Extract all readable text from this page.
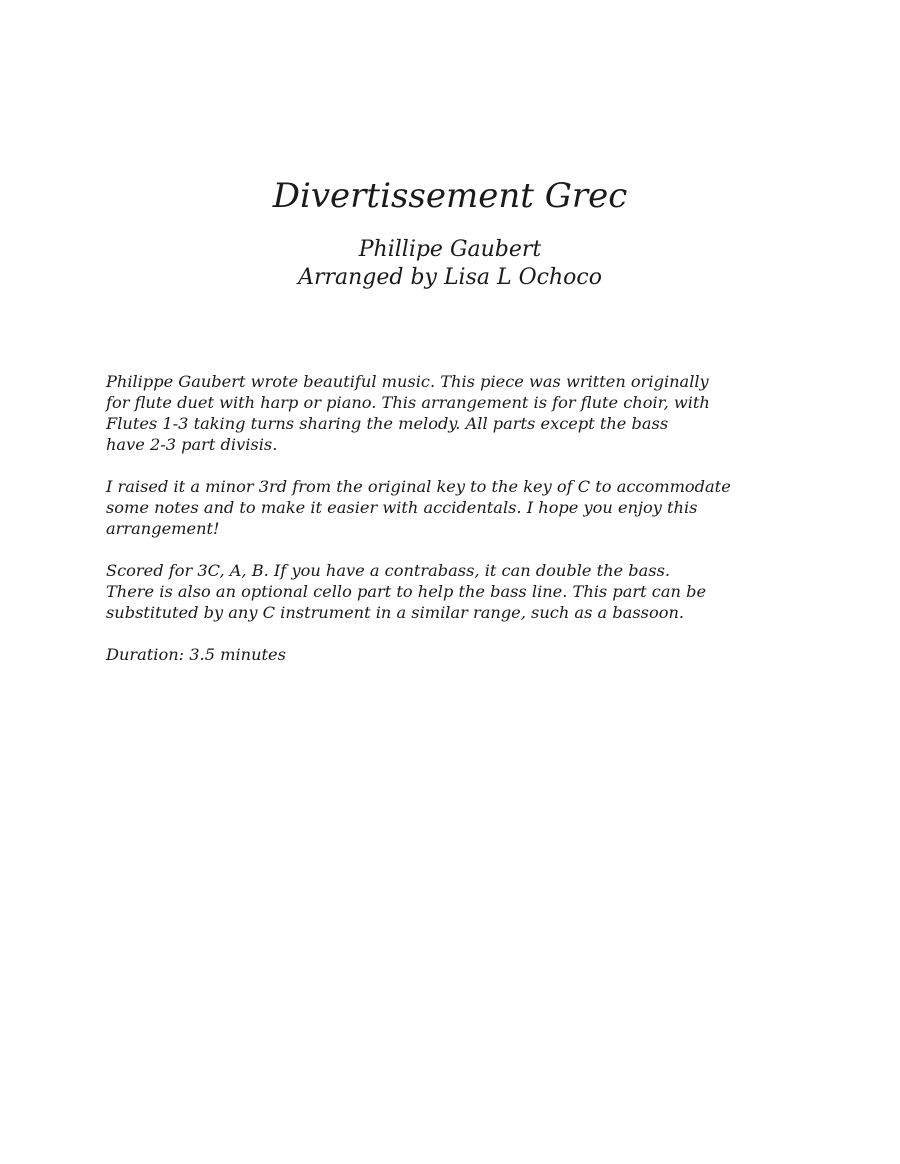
Divertissement Grec
Phillipe Gaubert
Arranged by Lisa L Ochoco

Philippe Gaubert wrote beautiful music. This piece was written originally
for flute duet with harp or piano. This arrangement is for flute choir, with
Flutes 1-3 taking turns sharing the melody. All parts except the bass
have 2-3 part divisis.

I raised it a minor 3rd from the original key to the key of C to accommodate
some notes and to make it easier with accidentals. I hope you enjoy this
arrangement!

Scored for 3C, A, B. If you have a contrabass, it can double the bass.
There is also an optional cello part to help the bass line. This part can be
substituted by any C instrument in a similar range, such as a bassoon.

Duration: 3.5 minutes
